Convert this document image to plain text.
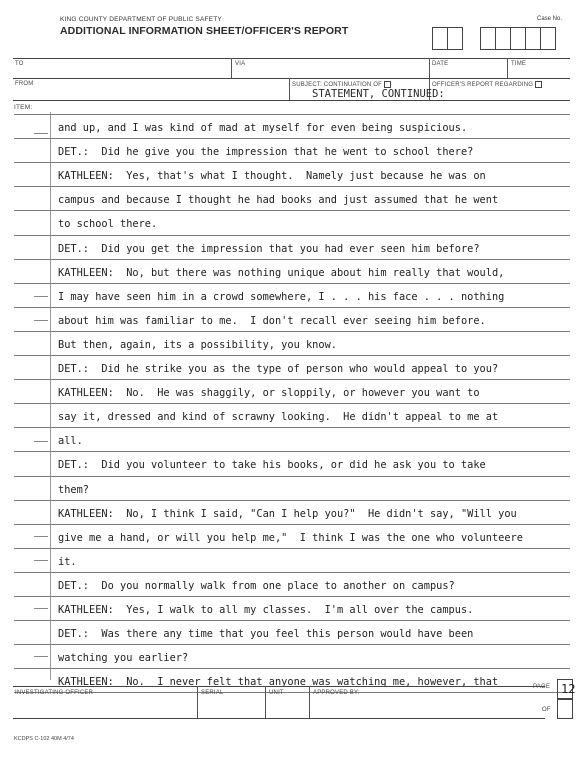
KING COUNTY DEPARTMENT OF PUBLIC SAFETY
ADDITIONAL INFORMATION SHEET/OFFICER'S REPORT
Case No.
TO	VIA	DATE	TIME
FROM	SUBJECT: CONTINUATION OF	OFFICER'S REPORT REGARDING
STATEMENT, CONTINUED:
ITEM:
and up, and I was kind of mad at myself for even being suspicious.
DET.:  Did he give you the impression that he went to school there?
KATHLEEN:  Yes, that's what I thought.  Namely just because he was on
campus and because I thought he had books and just assumed that he went
to school there.
DET.:  Did you get the impression that you had ever seen him before?
KATHLEEN:  No, but there was nothing unique about him really that would,
I may have seen him in a crowd somewhere, I . . . his face . . . nothing
about him was familiar to me.  I don't recall ever seeing him before.
But then, again, its a possibility, you know.
DET.:  Did he strike you as the type of person who would appeal to you?
KATHLEEN:  No.  He was shaggily, or sloppily, or however you want to
say it, dressed and kind of scrawny looking.  He didn't appeal to me at
all.
DET.:  Did you volunteer to take his books, or did he ask you to take
them?
KATHLEEN:  No, I think I said, "Can I help you?"  He didn't say, "Will you
give me a hand, or will you help me,"  I think I was the one who volunteere
it.
DET.:  Do you normally walk from one place to another on campus?
KATHLEEN:  Yes, I walk to all my classes.  I'm all over the campus.
DET.:  Was there any time that you feel this person would have been
watching you earlier?
KATHLEEN:  No.  I never felt that anyone was watching me, however, that
INVESTIGATING OFFICER	SERIAL	UNIT	APPROVED BY:
PAGE 12
OF
KCDPS C-102 40M 4/74
